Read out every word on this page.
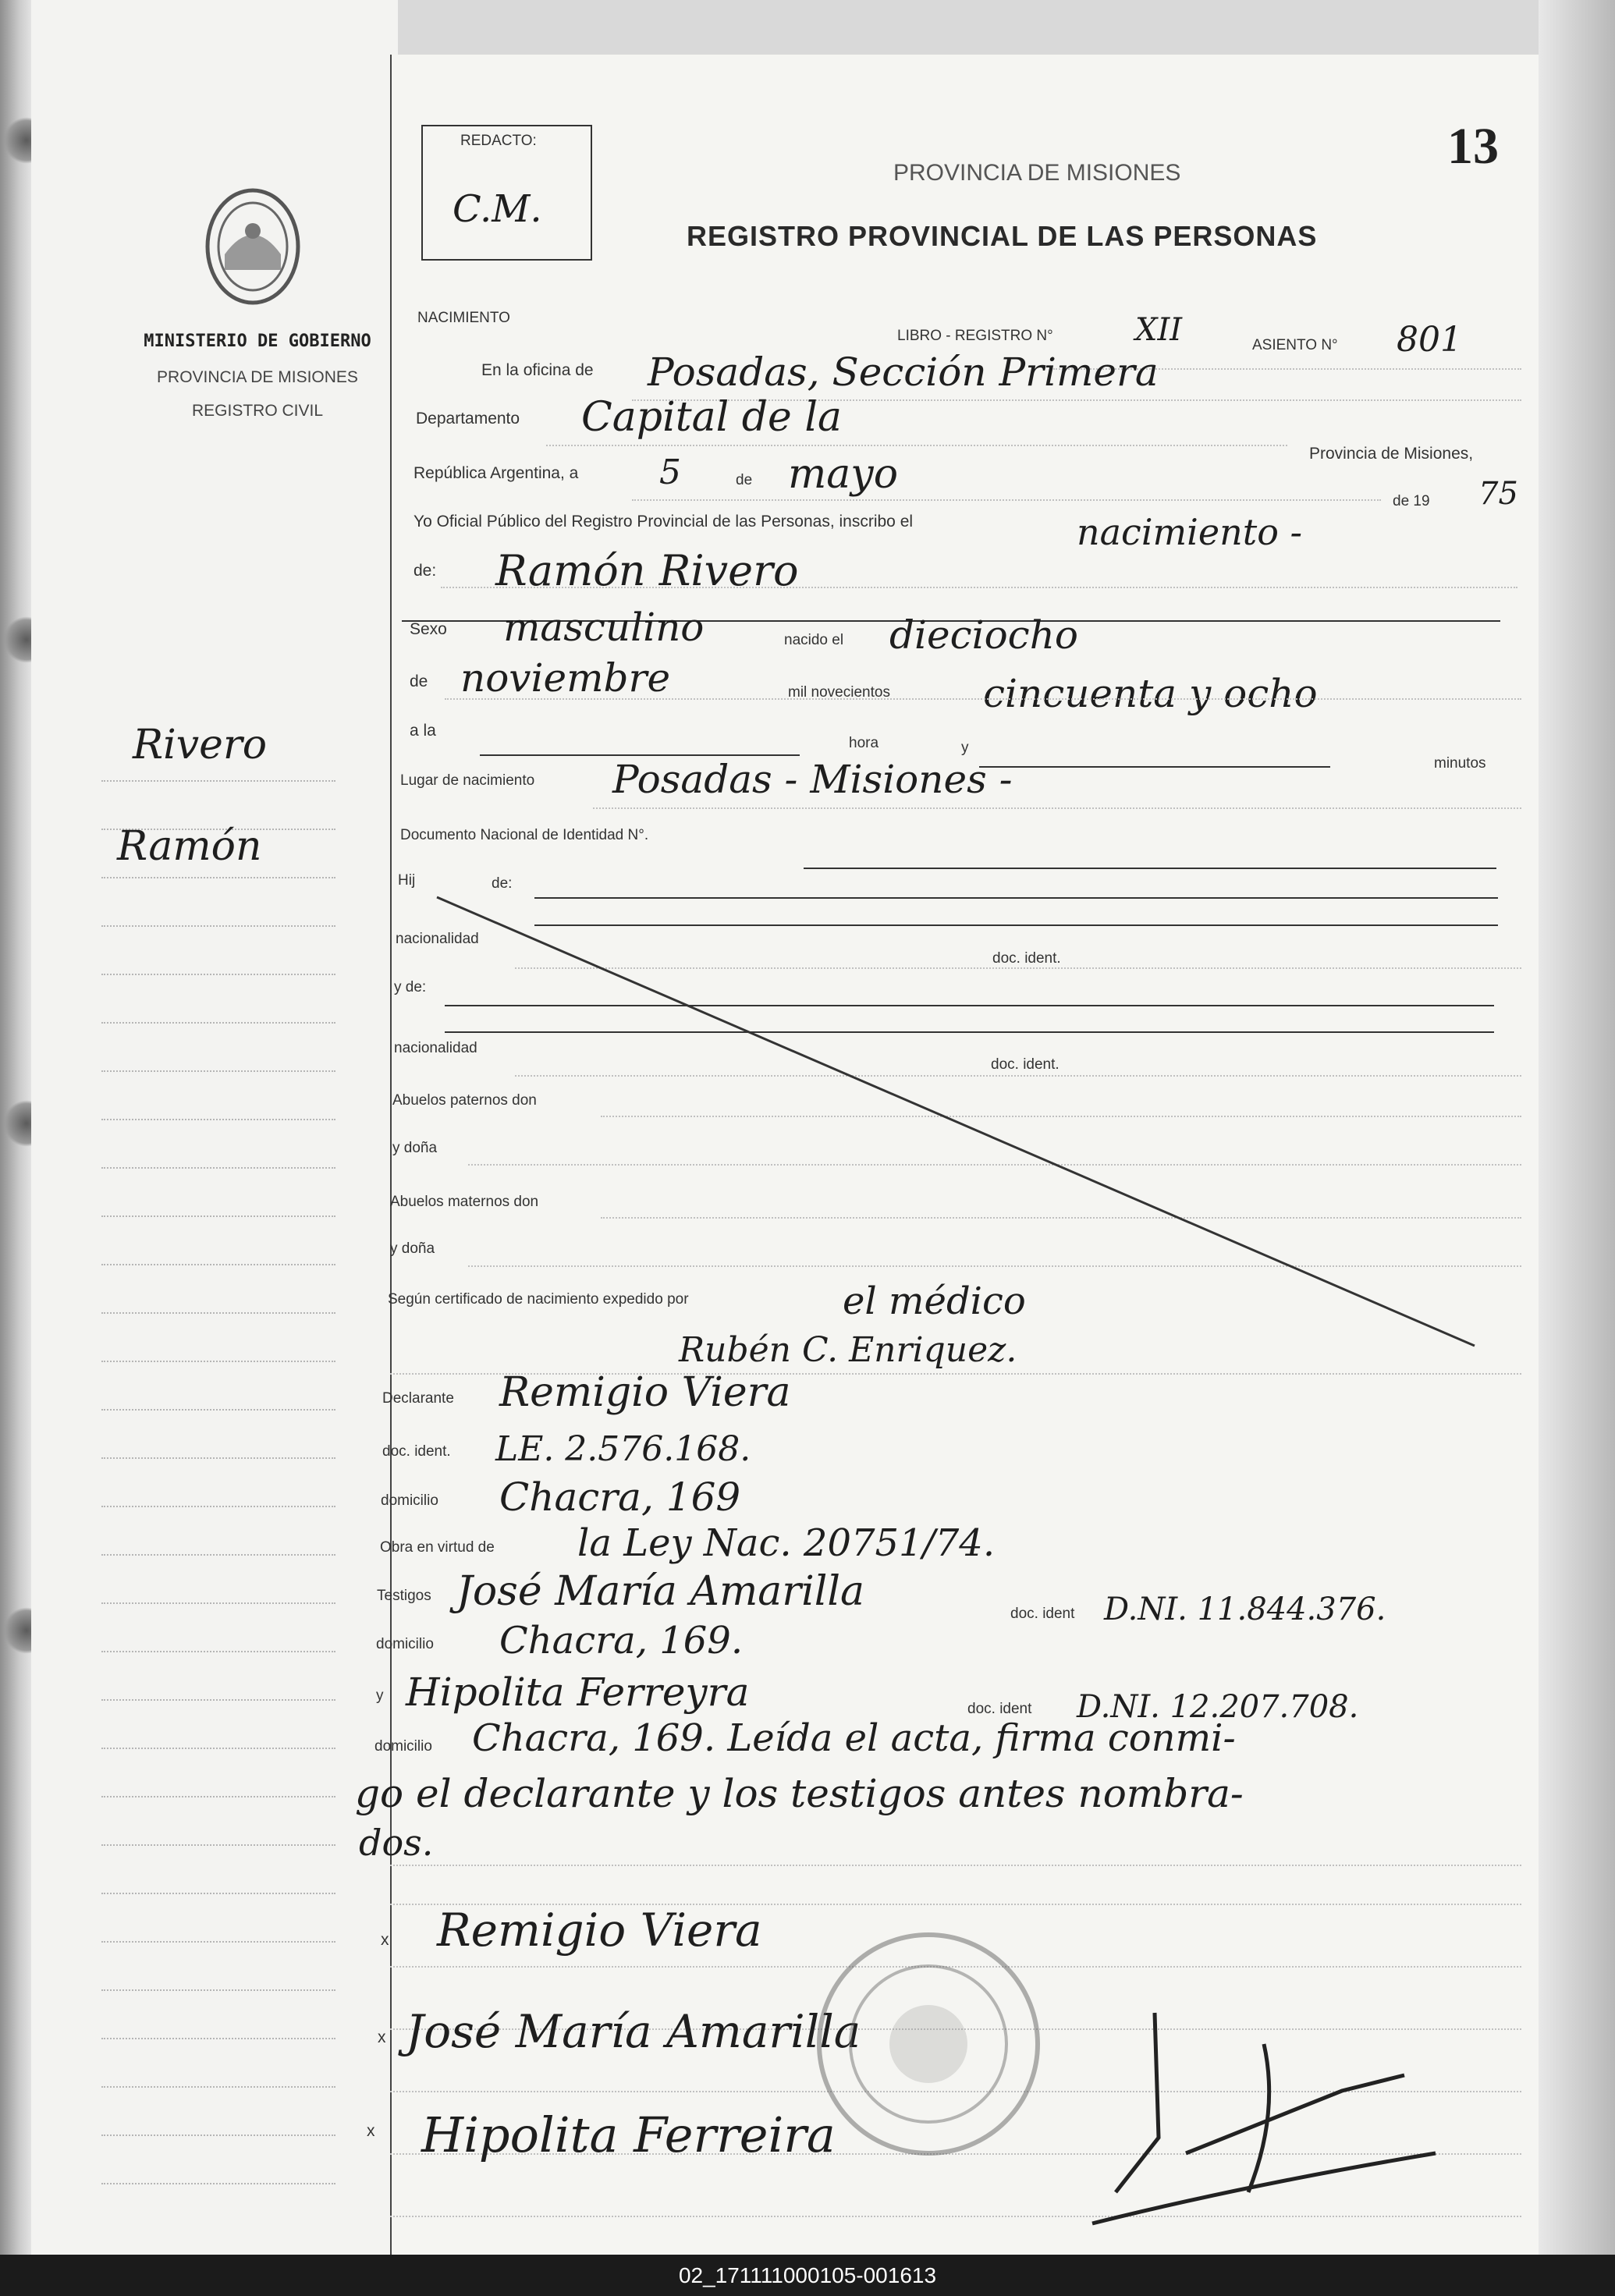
13
MINISTERIO DE GOBIERNO
PROVINCIA DE MISIONES
REGISTRO CIVIL
Rivero
Ramón
REDACTO:
C.M.
PROVINCIA DE MISIONES
REGISTRO PROVINCIAL DE LAS PERSONAS
NACIMIENTO
LIBRO - REGISTRO N°	XII	ASIENTO N° 801
En la oficina de Posadas, Sección Primera
Departamento Capital de la
Provincia de Misiones,
República Argentina, a 5	de mayo
de 19 75
Yo Oficial Público del Registro Provincial de las Personas, inscribo el	nacimiento -
de: Ramón Rivero
Sexo masculino	nacido el dieciocho
de noviembre	mil novecientos cincuenta y ocho
a la
hora	y
minutos
Lugar de nacimiento Posadas - Misiones -
Documento Nacional de Identidad N°.
Hij	de:
nacionalidad
doc. ident.
y de:
nacionalidad
doc. ident.
Abuelos paternos don
y doña
Abuelos maternos don
y doña
Según certificado de nacimiento expedido por	el médico
Rubén C. Enriquez.
Declarante Remigio Viera
doc. ident. LE. 2.576.168.
domicilio Chacra, 169
Obra en virtud de la Ley Nac. 20751/74.
Testigos José María Amarilla	doc. ident D.NI. 11.844.376.
domicilio Chacra, 169.
y Hipolita Ferreyra	doc. ident D.NI. 12.207.708.
domicilio Chacra, 169. Leída el acta, firma conmi-
go el declarante y los testigos antes nombra-
dos.
x Remigio Viera
x José María Amarilla
x Hipolita Ferreira
02_171111000105-001613
